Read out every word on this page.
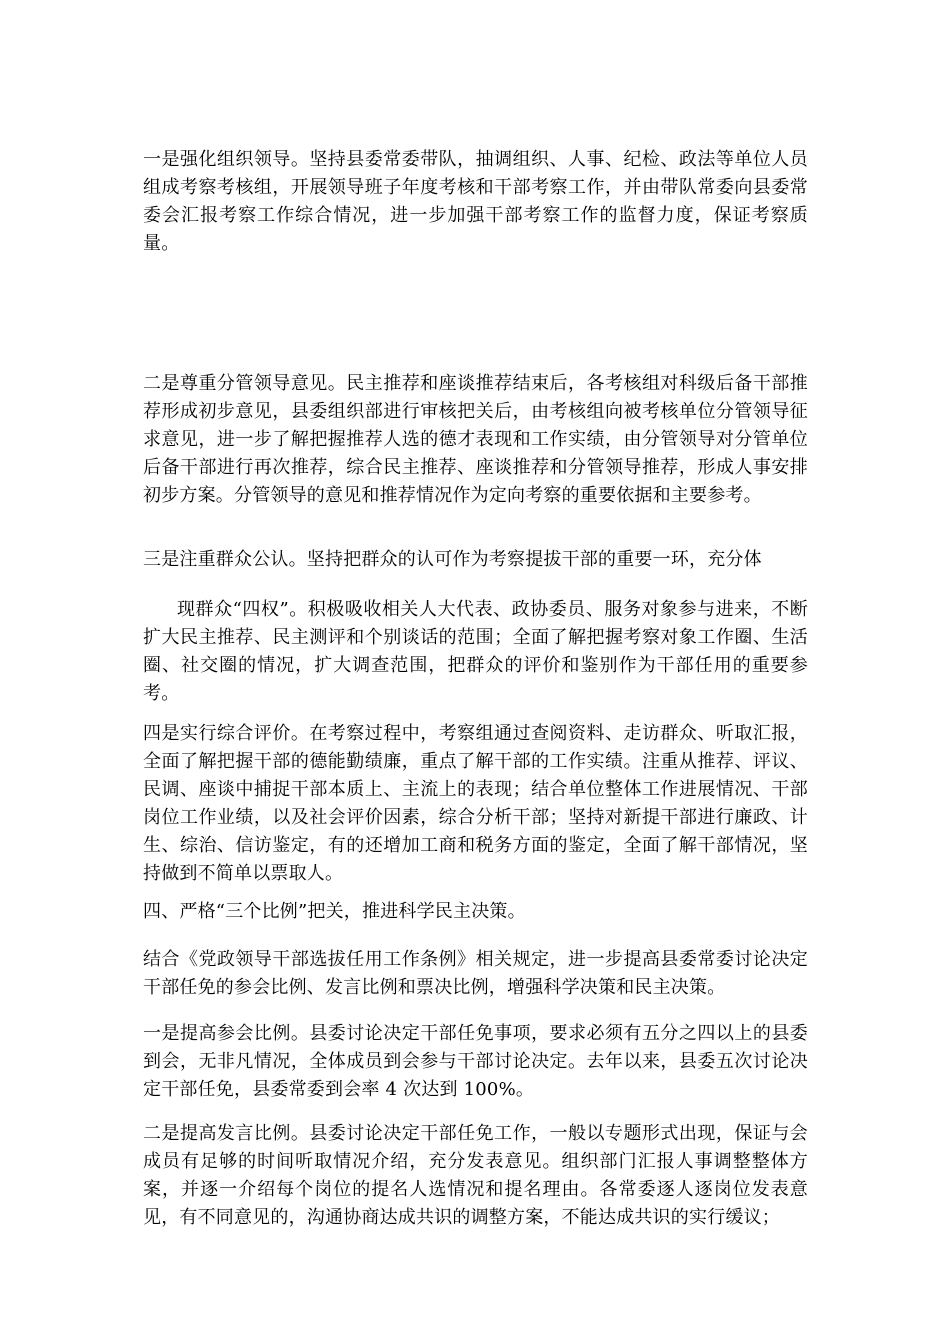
一是强化组织领导。坚持县委常委带队，抽调组织、人事、纪检、政法等单位人员组成考察考核组，开展领导班子年度考核和干部考察工作，并由带队常委向县委常委会汇报考察工作综合情况，进一步加强干部考察工作的监督力度，保证考察质量。

二是尊重分管领导意见。民主推荐和座谈推荐结束后，各考核组对科级后备干部推荐形成初步意见，县委组织部进行审核把关后，由考核组向被考核单位分管领导征求意见，进一步了解把握推荐人选的德才表现和工作实绩，由分管领导对分管单位后备干部进行再次推荐，综合民主推荐、座谈推荐和分管领导推荐，形成人事安排初步方案。分管领导的意见和推荐情况作为定向考察的重要依据和主要参考。

三是注重群众公认。坚持把群众的认可作为考察提拔干部的重要一环，充分体

现群众“四权”。积极吸收相关人大代表、政协委员、服务对象参与进来，不断扩大民主推荐、民主测评和个别谈话的范围；全面了解把握考察对象工作圈、生活圈、社交圈的情况，扩大调查范围，把群众的评价和鉴别作为干部任用的重要参考。

四是实行综合评价。在考察过程中，考察组通过查阅资料、走访群众、听取汇报，全面了解把握干部的德能勤绩廉，重点了解干部的工作实绩。注重从推荐、评议、民调、座谈中捕捉干部本质上、主流上的表现；结合单位整体工作进展情况、干部岗位工作业绩，以及社会评价因素，综合分析干部；坚持对新提干部进行廉政、计生、综治、信访鉴定，有的还增加工商和税务方面的鉴定，全面了解干部情况，坚持做到不简单以票取人。

四、严格“三个比例”把关，推进科学民主决策。

结合《党政领导干部选拔任用工作条例》相关规定，进一步提高县委常委讨论决定干部任免的参会比例、发言比例和票决比例，增强科学决策和民主决策。

一是提高参会比例。县委讨论决定干部任免事项，要求必须有五分之四以上的县委到会，无非凡情况，全体成员到会参与干部讨论决定。去年以来，县委五次讨论决定干部任免，县委常委到会率 4 次达到 100%。

二是提高发言比例。县委讨论决定干部任免工作，一般以专题形式出现，保证与会成员有足够的时间听取情况介绍，充分发表意见。组织部门汇报人事调整整体方案，并逐一介绍每个岗位的提名人选情况和提名理由。各常委逐人逐岗位发表意见，有不同意见的，沟通协商达成共识的调整方案，不能达成共识的实行缓议；
